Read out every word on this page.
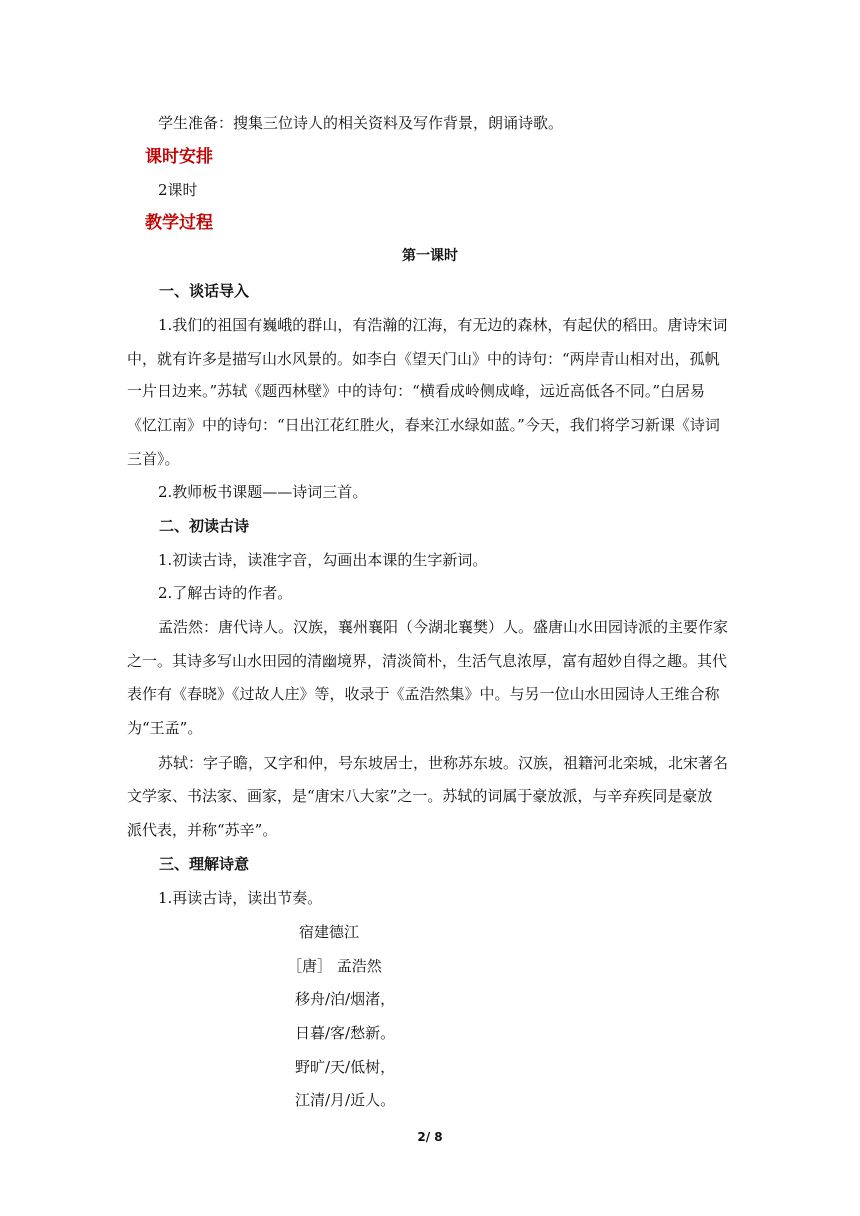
学生准备：搜集三位诗人的相关资料及写作背景，朗诵诗歌。
课时安排
2课时
教学过程
第一课时
一、谈话导入
1.我们的祖国有巍峨的群山，有浩瀚的江海，有无边的森林，有起伏的稻田。唐诗宋词
中，就有许多是描写山水风景的。如李白《望天门山》中的诗句：“两岸青山相对出，孤帆
一片日边来。”苏轼《题西林壁》中的诗句：“横看成岭侧成峰，远近高低各不同。”白居易
《忆江南》中的诗句：“日出江花红胜火，春来江水绿如蓝。”今天，我们将学习新课《诗词
三首》。
2.教师板书课题——诗词三首。
二、初读古诗
1.初读古诗，读准字音，勾画出本课的生字新词。
2.了解古诗的作者。
孟浩然：唐代诗人。汉族，襄州襄阳（今湖北襄樊）人。盛唐山水田园诗派的主要作家
之一。其诗多写山水田园的清幽境界，清淡简朴，生活气息浓厚，富有超妙自得之趣。其代
表作有《春晓》《过故人庄》等，收录于《孟浩然集》中。与另一位山水田园诗人王维合称
为“王孟”。
苏轼：字子瞻，又字和仲，号东坡居士，世称苏东坡。汉族，祖籍河北栾城，北宋著名
文学家、书法家、画家，是“唐宋八大家”之一。苏轼的词属于豪放派，与辛弃疾同是豪放
派代表，并称“苏辛”。
三、理解诗意
1.再读古诗，读出节奏。
宿建德江
［唐］ 孟浩然
移舟/泊/烟渚，
日暮/客/愁新。
野旷/天/低树，
江清/月/近人。
2/ 8
